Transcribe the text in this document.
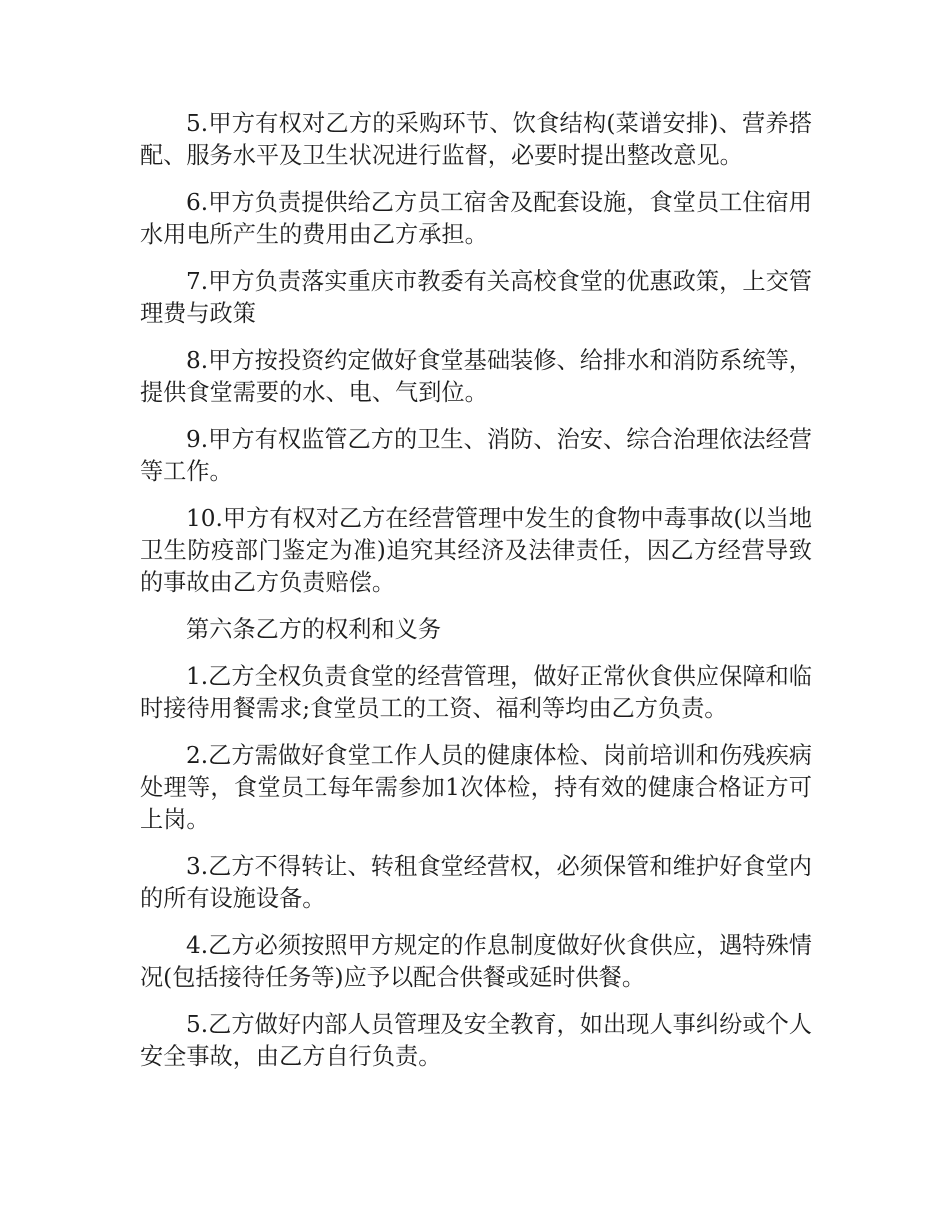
5.甲方有权对乙方的采购环节、饮食结构(菜谱安排)、营养搭配、服务水平及卫生状况进行监督，必要时提出整改意见。

6.甲方负责提供给乙方员工宿舍及配套设施，食堂员工住宿用水用电所产生的费用由乙方承担。

7.甲方负责落实重庆市教委有关高校食堂的优惠政策，上交管理费与政策

8.甲方按投资约定做好食堂基础装修、给排水和消防系统等，提供食堂需要的水、电、气到位。

9.甲方有权监管乙方的卫生、消防、治安、综合治理依法经营等工作。

10.甲方有权对乙方在经营管理中发生的食物中毒事故(以当地卫生防疫部门鉴定为准)追究其经济及法律责任，因乙方经营导致的事故由乙方负责赔偿。

第六条乙方的权利和义务

1.乙方全权负责食堂的经营管理，做好正常伙食供应保障和临时接待用餐需求;食堂员工的工资、福利等均由乙方负责。

2.乙方需做好食堂工作人员的健康体检、岗前培训和伤残疾病处理等，食堂员工每年需参加1次体检，持有效的健康合格证方可上岗。

3.乙方不得转让、转租食堂经营权，必须保管和维护好食堂内的所有设施设备。

4.乙方必须按照甲方规定的作息制度做好伙食供应，遇特殊情况(包括接待任务等)应予以配合供餐或延时供餐。

5.乙方做好内部人员管理及安全教育，如出现人事纠纷或个人安全事故，由乙方自行负责。
